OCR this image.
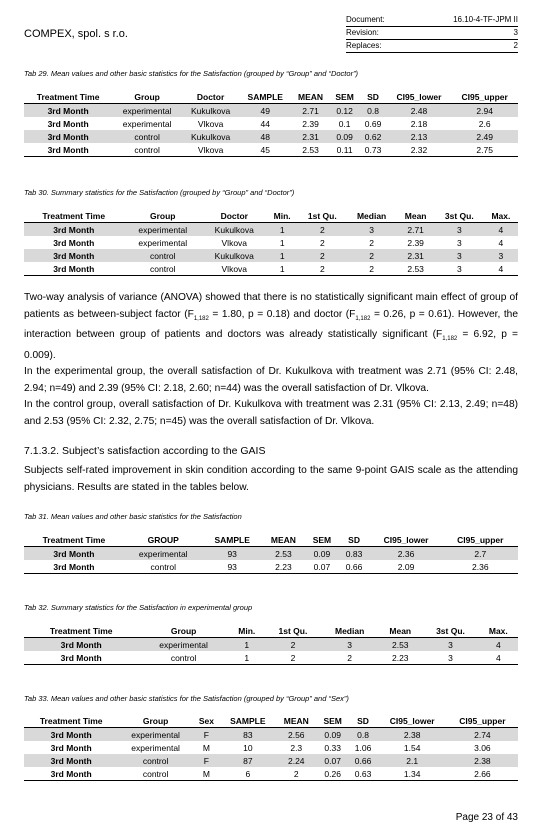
COMPEX, spol. s r.o.
Document:	16.10-4-TF-JPM II
Revision:	3
Replaces:	2
Tab 29. Mean values and other basic statistics for the Satisfaction (grouped by “Group” and “Doctor”)
Treatment Time	Group	Doctor	SAMPLE	MEAN	SEM	SD	CI95_lower	CI95_upper
3rd Month	experimental	Kukulkova	49	2.71	0.12	0.8	2.48	2.94
3rd Month	experimental	Vlkova	44	2.39	0.1	0.69	2.18	2.6
3rd Month	control	Kukulkova	48	2.31	0.09	0.62	2.13	2.49
3rd Month	control	Vlkova	45	2.53	0.11	0.73	2.32	2.75
Tab 30. Summary statistics for the Satisfaction (grouped by “Group” and “Doctor”)
Treatment Time	Group	Doctor	Min.	1st Qu.	Median	Mean	3st Qu.	Max.
3rd Month	experimental	Kukulkova	1	2	3	2.71	3	4
3rd Month	experimental	Vlkova	1	2	2	2.39	3	4
3rd Month	control	Kukulkova	1	2	2	2.31	3	3
3rd Month	control	Vlkova	1	2	2	2.53	3	4
Two-way analysis of variance (ANOVA) showed that there is no statistically significant main effect of group of patients as between-subject factor ($F_{1,182} = 1.80$, p = 0.18) and doctor ($F_{1,182} = 0.26$, p = 0.61). However, the interaction between group of patients and doctors was already statistically significant ($F_{1,182} = 6.92$, p = 0.009).
In the experimental group, the overall satisfaction of Dr. Kukulkova with treatment was 2.71 (95% CI: 2.48, 2.94; n=49) and 2.39 (95% CI: 2.18, 2.60; n=44) was the overall satisfaction of Dr. Vlkova.
In the control group, overall satisfaction of Dr. Kukulkova with treatment was 2.31 (95% CI: 2.13, 2.49; n=48) and 2.53 (95% CI: 2.32, 2.75; n=45) was the overall satisfaction of Dr. Vlkova.
7.1.3.2. Subject’s satisfaction according to the GAIS
Subjects self-rated improvement in skin condition according to the same 9-point GAIS scale as the attending physicians. Results are stated in the tables below.
Tab 31. Mean values and other basic statistics for the Satisfaction
Treatment Time	GROUP	SAMPLE	MEAN	SEM	SD	CI95_lower	CI95_upper
3rd Month	experimental	93	2.53	0.09	0.83	2.36	2.7
3rd Month	control	93	2.23	0.07	0.66	2.09	2.36
Tab 32. Summary statistics for the Satisfaction in experimental group
Treatment Time	Group	Min.	1st Qu.	Median	Mean	3st Qu.	Max.
3rd Month	experimental	1	2	3	2.53	3	4
3rd Month	control	1	2	2	2.23	3	4
Tab 33. Mean values and other basic statistics for the Satisfaction (grouped by “Group” and “Sex”)
Treatment Time	Group	Sex	SAMPLE	MEAN	SEM	SD	CI95_lower	CI95_upper
3rd Month	experimental	F	83	2.56	0.09	0.8	2.38	2.74
3rd Month	experimental	M	10	2.3	0.33	1.06	1.54	3.06
3rd Month	control	F	87	2.24	0.07	0.66	2.1	2.38
3rd Month	control	M	6	2	0.26	0.63	1.34	2.66
Page 23 of 43
